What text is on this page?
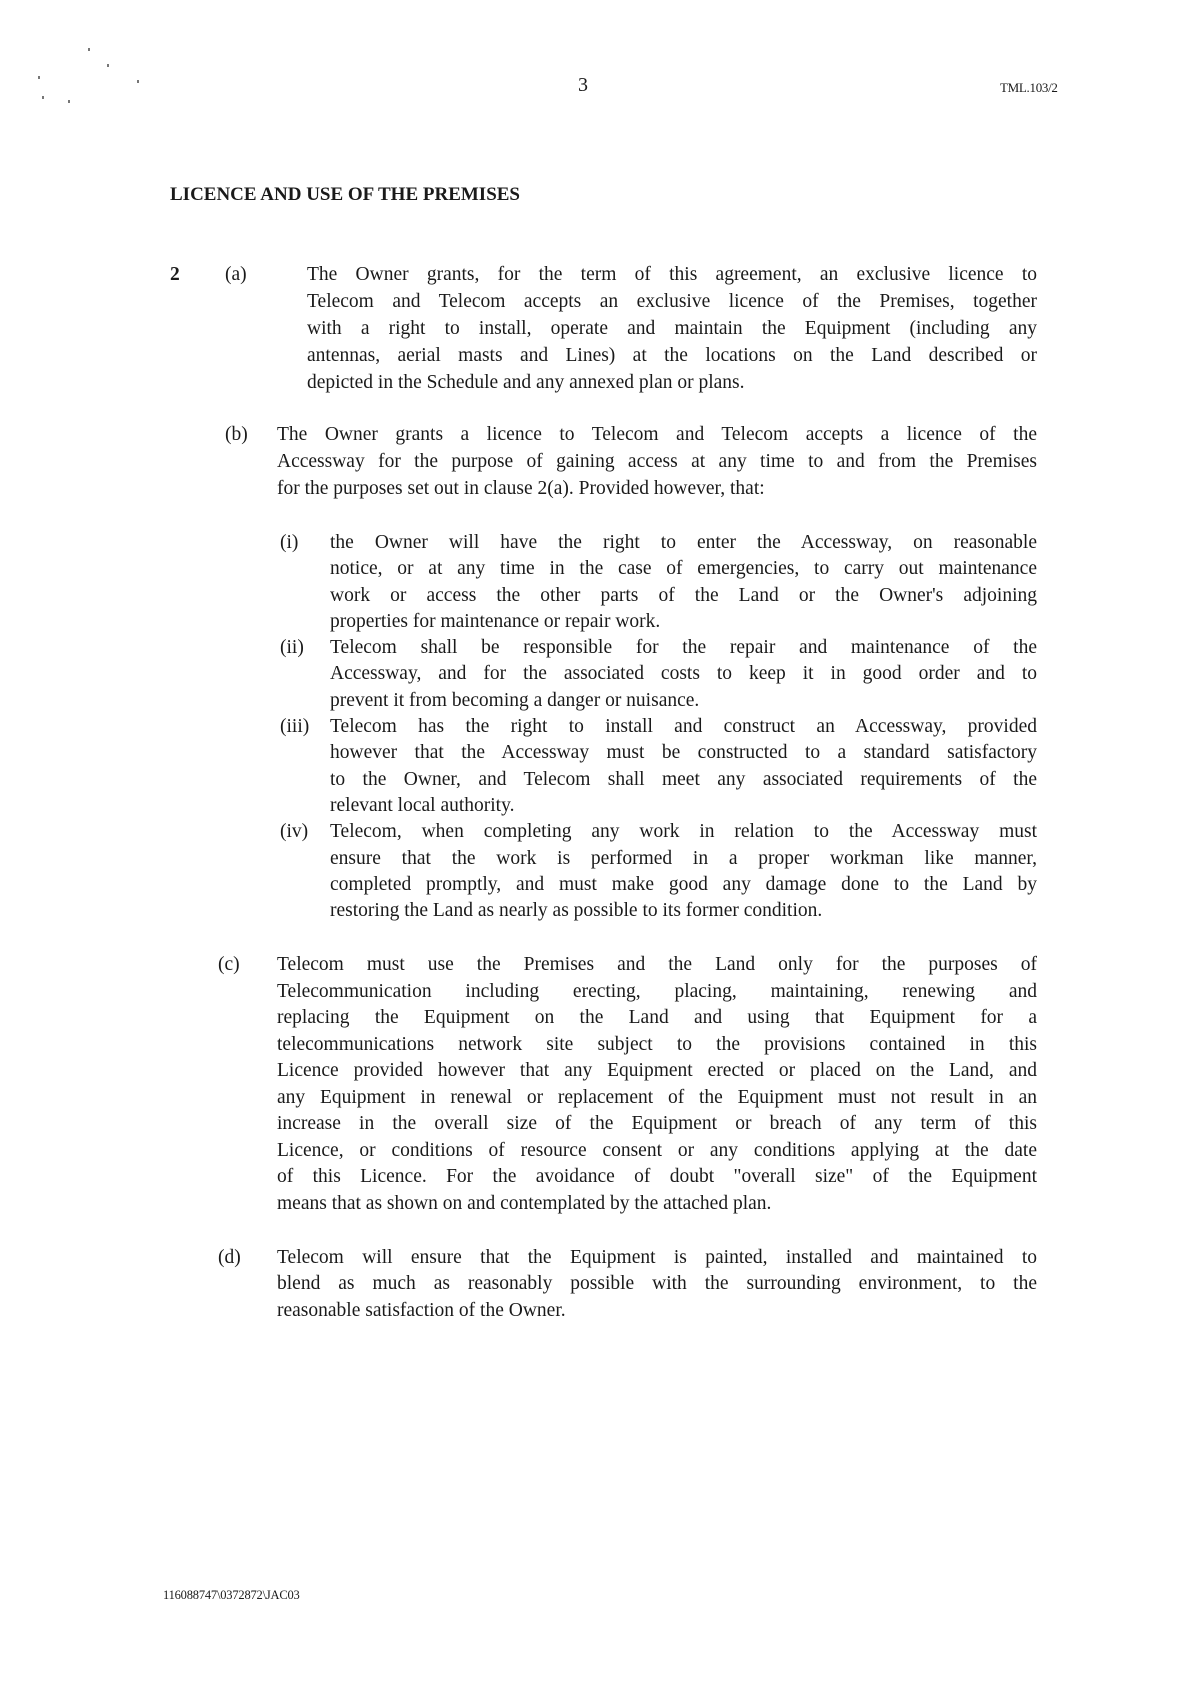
3	TML.103/2
LICENCE AND USE OF THE PREMISES
2 (a)	The Owner grants, for the term of this agreement, an exclusive licence to
Telecom and Telecom accepts an exclusive licence of the Premises, together
with a right to install, operate and maintain the Equipment (including any
antennas, aerial masts and Lines) at the locations on the Land described or
depicted in the Schedule and any annexed plan or plans.
(b) The Owner grants a licence to Telecom and Telecom accepts a licence of the
Accessway for the purpose of gaining access at any time to and from the Premises
for the purposes set out in clause 2(a). Provided however, that:
(i) the Owner will have the right to enter the Accessway, on reasonable
notice, or at any time in the case of emergencies, to carry out maintenance
work or access the other parts of the Land or the Owner's adjoining
properties for maintenance or repair work.
(ii) Telecom shall be responsible for the repair and maintenance of the
Accessway, and for the associated costs to keep it in good order and to
prevent it from becoming a danger or nuisance.
(iii) Telecom has the right to install and construct an Accessway, provided
however that the Accessway must be constructed to a standard satisfactory
to the Owner, and Telecom shall meet any associated requirements of the
relevant local authority.
(iv) Telecom, when completing any work in relation to the Accessway must
ensure that the work is performed in a proper workman like manner,
completed promptly, and must make good any damage done to the Land by
restoring the Land as nearly as possible to its former condition.
(c) Telecom must use the Premises and the Land only for the purposes of
Telecommunication including erecting, placing, maintaining, renewing and
replacing the Equipment on the Land and using that Equipment for a
telecommunications network site subject to the provisions contained in this
Licence provided however that any Equipment erected or placed on the Land, and
any Equipment in renewal or replacement of the Equipment must not result in an
increase in the overall size of the Equipment or breach of any term of this
Licence, or conditions of resource consent or any conditions applying at the date
of this Licence. For the avoidance of doubt "overall size" of the Equipment
means that as shown on and contemplated by the attached plan.
(d) Telecom will ensure that the Equipment is painted, installed and maintained to
blend as much as reasonably possible with the surrounding environment, to the
reasonable satisfaction of the Owner.
116088747\0372872\JAC03
